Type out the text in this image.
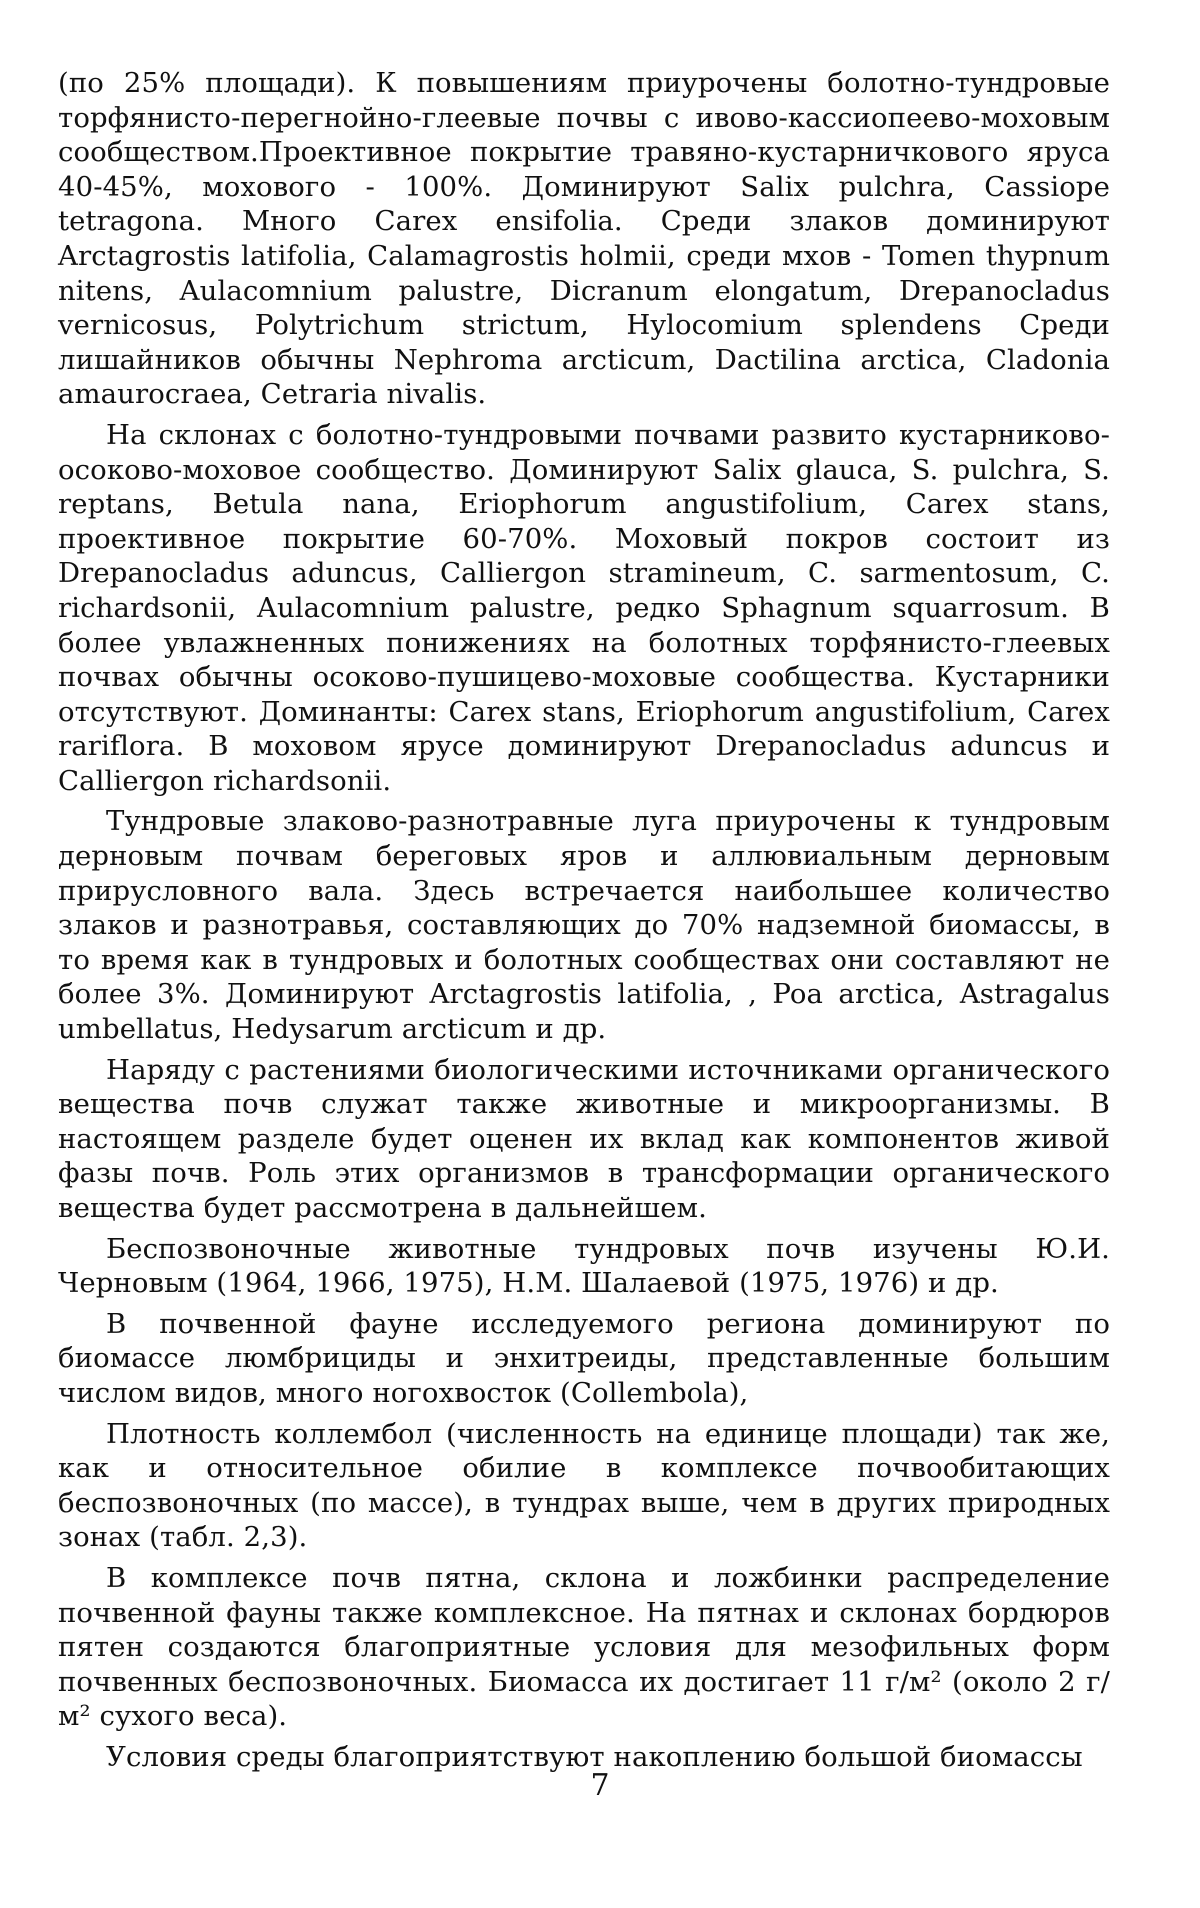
(по 25% площади). К повышениям приурочены болотно-тундровые торфянисто-перегнойно-глеевые почвы с ивово-кассиопеево-моховым сообществом.Проективное покрытие травяно-кустарничкового яруса 40-45%, мохового - 100%. Доминируют Salix pulchra, Cassiope tetragona. Много Carex ensifolia. Среди злаков доминируют Arctagrostis latifolia, Calamagrostis holmii, среди мхов - Tomen thypnum nitens, Aulacomnium palustre, Dicranum elongatum, Drepanocladus vernicosus, Polytrichum strictum, Hylocomium splendens Среди лишайников обычны Nephroma arcticum, Dactilina arctica, Cladonia amaurocraea, Cetraria nivalis.

На склонах с болотно-тундровыми почвами развито кустарниково-осоково-моховое сообщество. Доминируют Salix glauca, S. pulchra, S. reptans, Betula nana, Eriophorum angustifolium, Carex stans, проективное покрытие 60-70%. Моховый покров состоит из Drepanocladus aduncus, Calliergon stramineum, C. sarmentosum, C. richardsonii, Aulacomnium palustre, редко Sphagnum squarrosum. В более увлажненных понижениях на болотных торфянисто-глеевых почвах обычны осоково-пушицево-моховые сообщества. Кустарники отсутствуют. Доминанты: Carex stans, Eriophorum angustifolium, Carex rariflora. В моховом ярусе доминируют Drepanocladus aduncus и Calliergon richardsonii.

Тундровые злаково-разнотравные луга приурочены к тундровым дерновым почвам береговых яров и аллювиальным дерновым прирусловного вала. Здесь встречается наибольшее количество злаков и разнотравья, составляющих до 70% надземной биомассы, в то время как в тундровых и болотных сообществах они составляют не более 3%. Доминируют Arctagrostis latifolia, , Poa arctica, Astragalus umbellatus, Hedysarum arcticum и др.

Наряду с растениями биологическими источниками органического вещества почв служат также животные и микроорганизмы. В настоящем разделе будет оценен их вклад как компонентов живой фазы почв. Роль этих организмов в трансформации органического вещества будет рассмотрена в дальнейшем.

Беспозвоночные животные тундровых почв изучены Ю.И. Черновым (1964, 1966, 1975), Н.М. Шалаевой (1975, 1976) и др.

В почвенной фауне исследуемого региона доминируют по биомассе люмбрициды и энхитреиды, представленные большим числом видов, много ногохвосток (Collembola),

Плотность коллембол (численность на единице площади) так же, как и относительное обилие в комплексе почвообитающих беспозвоночных (по массе), в тундрах выше, чем в других природных зонах (табл. 2,3).

В комплексе почв пятна, склона и ложбинки распределение почвенной фауны также комплексное. На пятнах и склонах бордюров пятен создаются благоприятные условия для мезофильных форм почвенных беспозвоночных. Биомасса их достигает 11 г/м² (около 2 г/м² сухого веса).

Условия среды благоприятствуют накоплению большой биомассы

7
